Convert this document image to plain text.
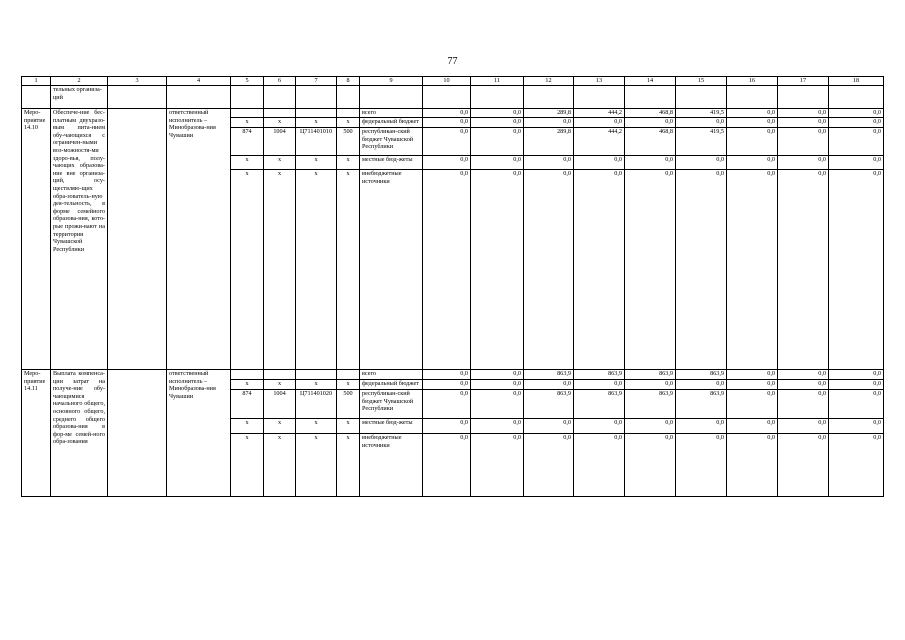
77
1	2	3	4	5	6	7	8	9	10	11	12	13	14	15	16	17	18
	тельных организа-ций																
Меро-приятие 14.10	Обеспече-ние бес-платным двухразо-вым пита-нием обу-чающихся с ограничен-ными воз-можностя-ми здоро-вья, полу-чающих образова-ние вне организа-ций, осу-ществляю-щих обра-зователь-ную дея-тельность, в форме семейного образова-ния, кото-рые прожи-вают на территории Чувашской Республики		ответственный исполнитель – Минобразова-ния Чувашии					всего	0,0	0,0	289,8	444,2	468,8	419,5	0,0	0,0	0,0
				x	x	x	x	федеральный бюджет	0,0	0,0	0,0	0,0	0,0	0,0	0,0	0,0	0,0
				874	1004	Ц711401010	500	республикан-ский бюджет Чувашской Республики	0,0	0,0	289,8	444,2	468,8	419,5	0,0	0,0	0,0
				x	x	x	x	местные бюд-жеты	0,0	0,0	0,0	0,0	0,0	0,0	0,0	0,0	0,0
				x	x	x	x	внебюджетные источники	0,0	0,0	0,0	0,0	0,0	0,0	0,0	0,0	0,0
Меро-приятие 14.11	Выплата компенса-ции затрат на получе-ние обу-чающимися начального общего, основного общего, среднего общего образова-ния в фор-ме семей-ного обра-зования		ответственный исполнитель – Минобразова-ния Чувашии					всего	0,0	0,0	863,9	863,9	863,9	863,9	0,0	0,0	0,0
				x	x	x	x	федеральный бюджет	0,0	0,0	0,0	0,0	0,0	0,0	0,0	0,0	0,0
				874	1004	Ц711401020	500	республикан-ский бюджет Чувашской Республики	0,0	0,0	863,9	863,9	863,9	863,9	0,0	0,0	0,0
				x	x	x	x	местные бюд-жеты	0,0	0,0	0,0	0,0	0,0	0,0	0,0	0,0	0,0
				x	x	x	x	внебюджетные источники	0,0	0,0	0,0	0,0	0,0	0,0	0,0	0,0	0,0
